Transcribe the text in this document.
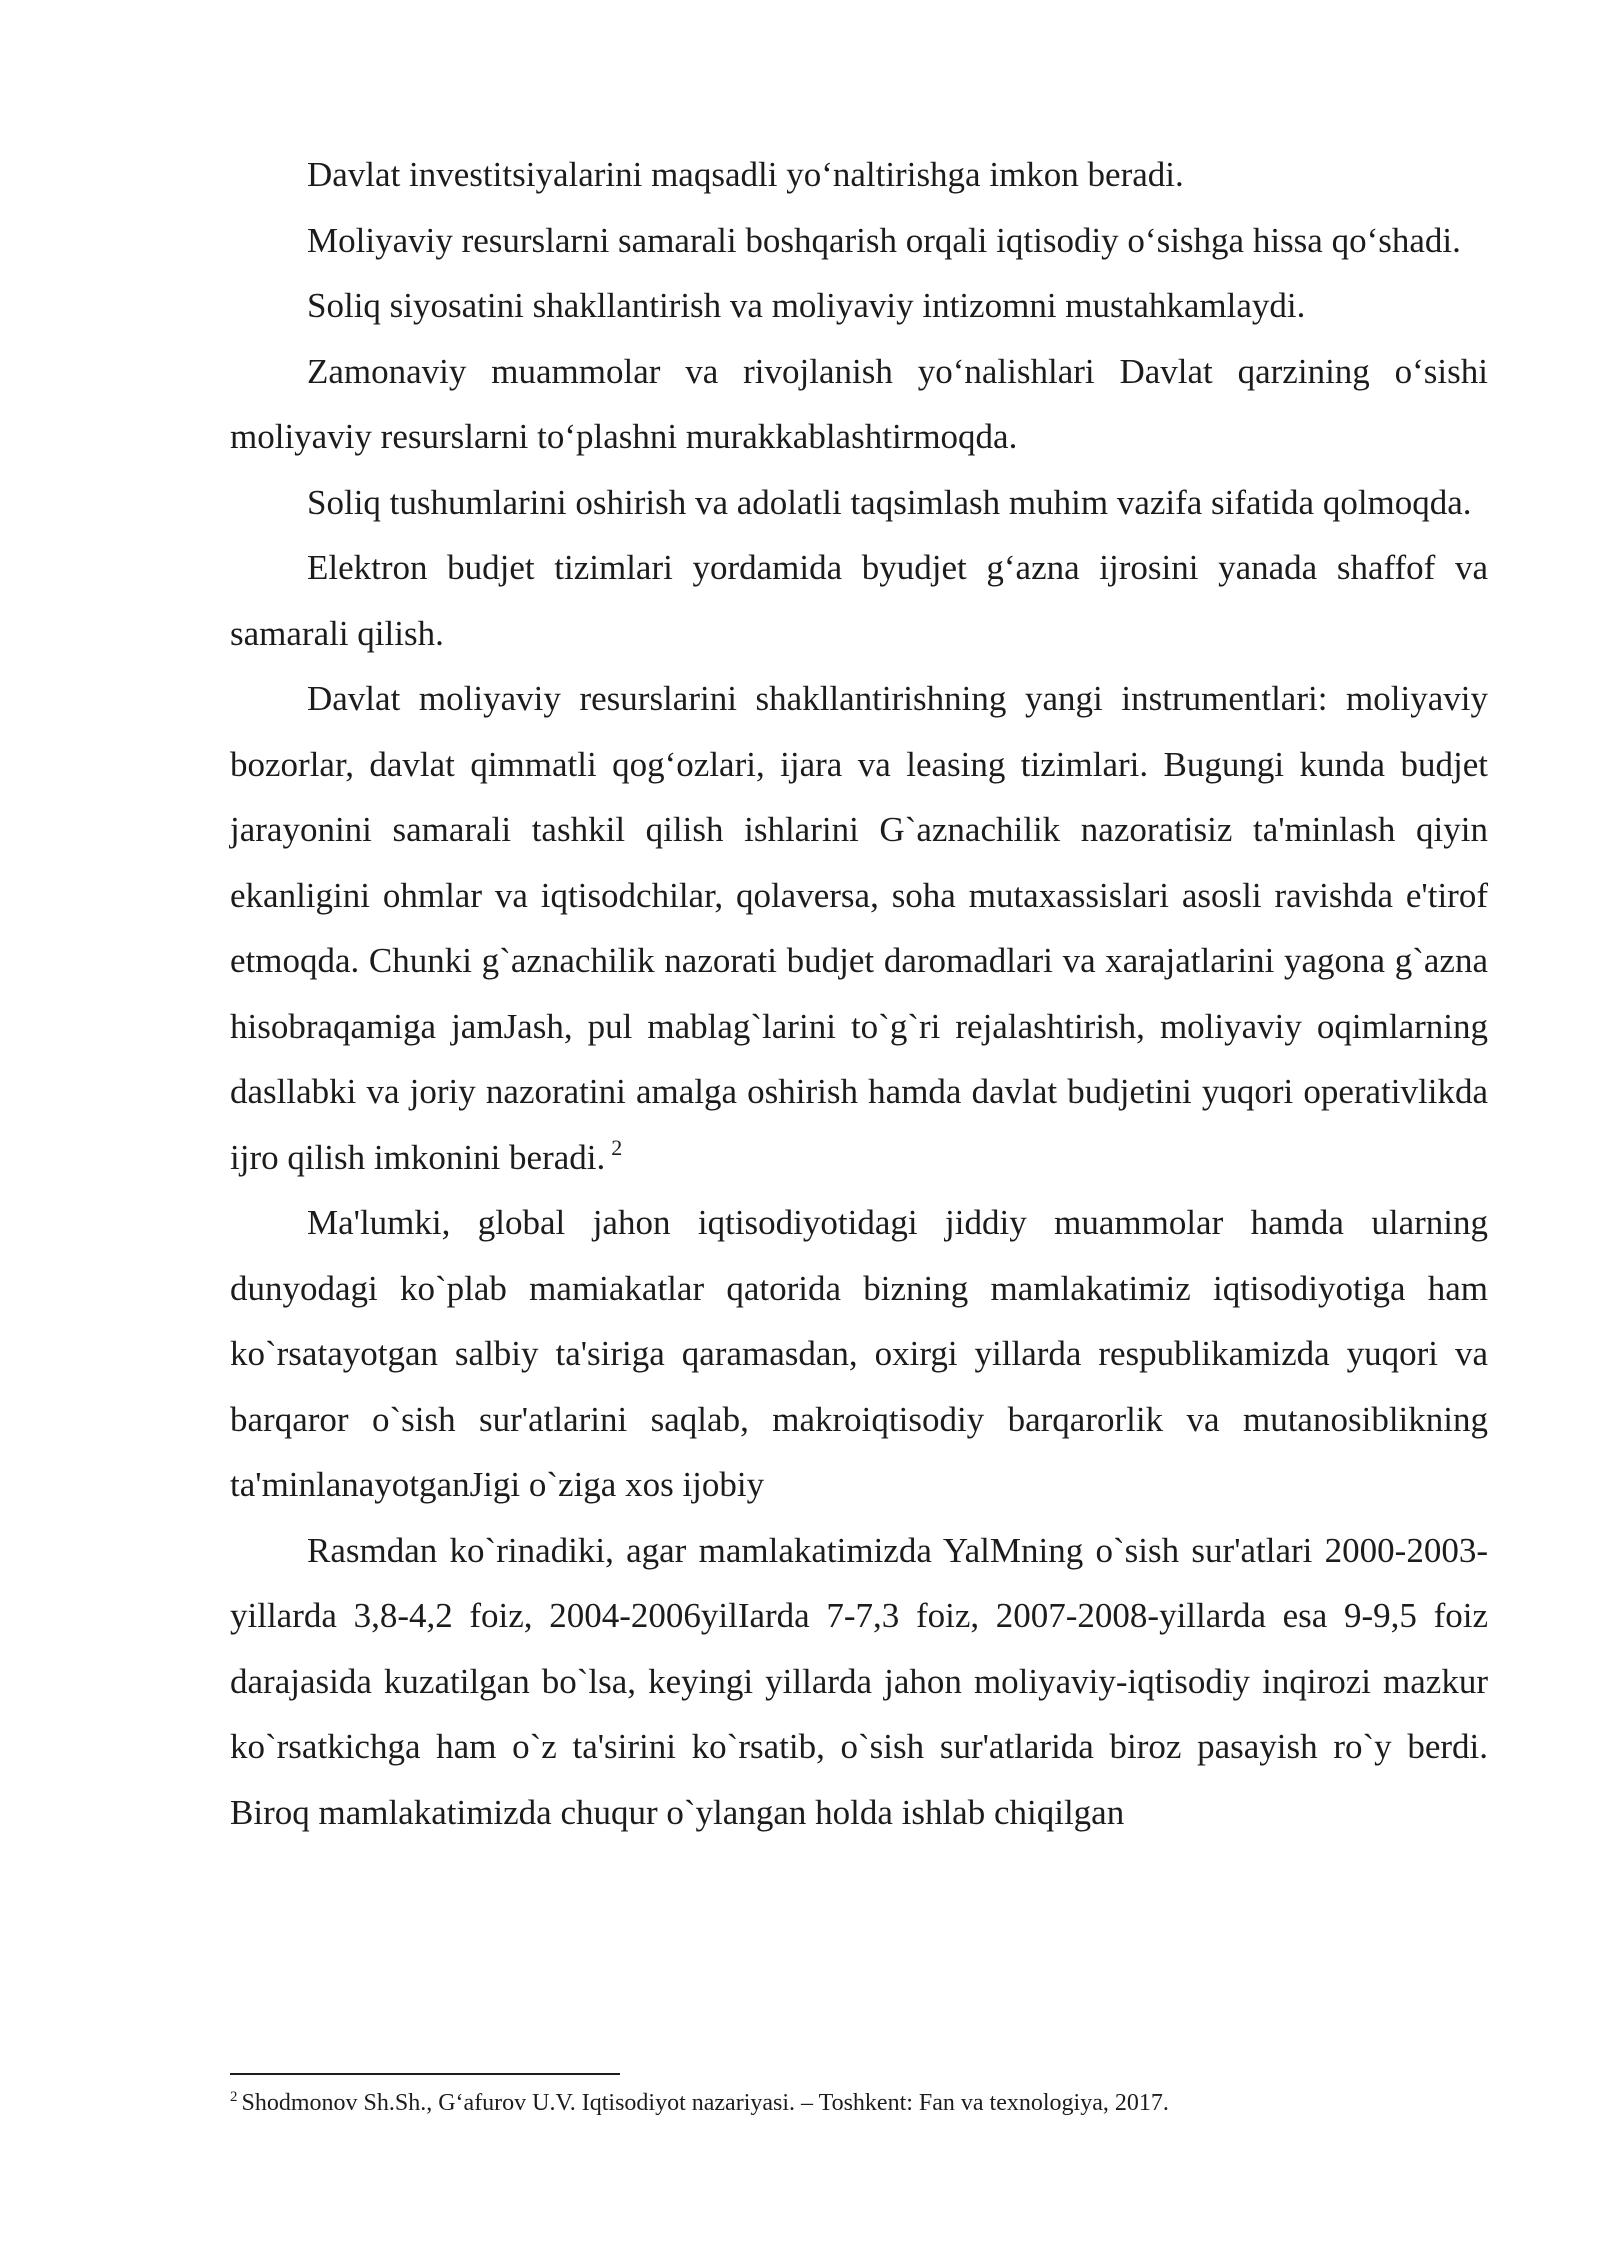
Davlat investitsiyalarini maqsadli yoʻnaltirishga imkon beradi.

Moliyaviy resurslarni samarali boshqarish orqali iqtisodiy oʻsishga hissa qoʻshadi.

Soliq siyosatini shakllantirish va moliyaviy intizomni mustahkamlaydi.

Zamonaviy muammolar va rivojlanish yoʻnalishlari Davlat qarzining oʻsishi moliyaviy resurslarni toʻplashni murakkablashtirmoqda.

Soliq tushumlarini oshirish va adolatli taqsimlash muhim vazifa sifatida qolmoqda.

Elektron budjet tizimlari yordamida byudjet gʻazna ijrosini yanada shaffof va samarali qilish.

Davlat moliyaviy resurslarini shakllantirishning yangi instrumentlari: moliyaviy bozorlar, davlat qimmatli qogʻozlari, ijara va leasing tizimlari. Bugungi kunda budjet jarayonini samarali tashkil qilish ishlarini G`aznachilik nazoratisiz ta'minlash qiyin ekanligini ohmlar va iqtisodchilar, qolaversa, soha mutaxassislari asosli ravishda e'tirof etmoqda. Chunki g`aznachilik nazorati budjet daromadlari va xarajatlarini yagona g`azna hisobraqamiga jamJash, pul mablag`larini to`g`ri rejalashtirish, moliyaviy oqimlarning dasllabki va joriy nazoratini amalga oshirish hamda davlat budjetini yuqori operativlikda ijro qilish imkonini beradi. $^2$

Ma'lumki, global jahon iqtisodiyotidagi jiddiy muammolar hamda ularning dunyodagi ko`plab mamiakatlar qatorida bizning mamlakatimiz iqtisodiyotiga ham ko`rsatayotgan salbiy ta'siriga qaramasdan, oxirgi yillarda respublikamizda yuqori va barqaror o`sish sur'atlarini saqlab, makroiqtisodiy barqarorlik va mutanosiblikning ta'minlanayotganJigi o`ziga xos ijobiy

Rasmdan ko`rinadiki, agar mamlakatimizda YalMning o`sish sur'atlari 2000-2003-yillarda 3,8-4,2 foiz, 2004-2006yilIarda 7-7,3 foiz, 2007-2008-yillarda esa 9-9,5 foiz darajasida kuzatilgan bo`lsa, keyingi yillarda jahon moliyaviy-iqtisodiy inqirozi mazkur ko`rsatkichga ham o`z ta'sirini ko`rsatib, o`sish sur'atlarida biroz pasayish ro`y berdi. Biroq mamlakatimizda chuqur o`ylangan holda ishlab chiqilgan

$^2$ Shodmonov Sh.Sh., Gʻafurov U.V. Iqtisodiyot nazariyasi. – Toshkent: Fan va texnologiya, 2017.
